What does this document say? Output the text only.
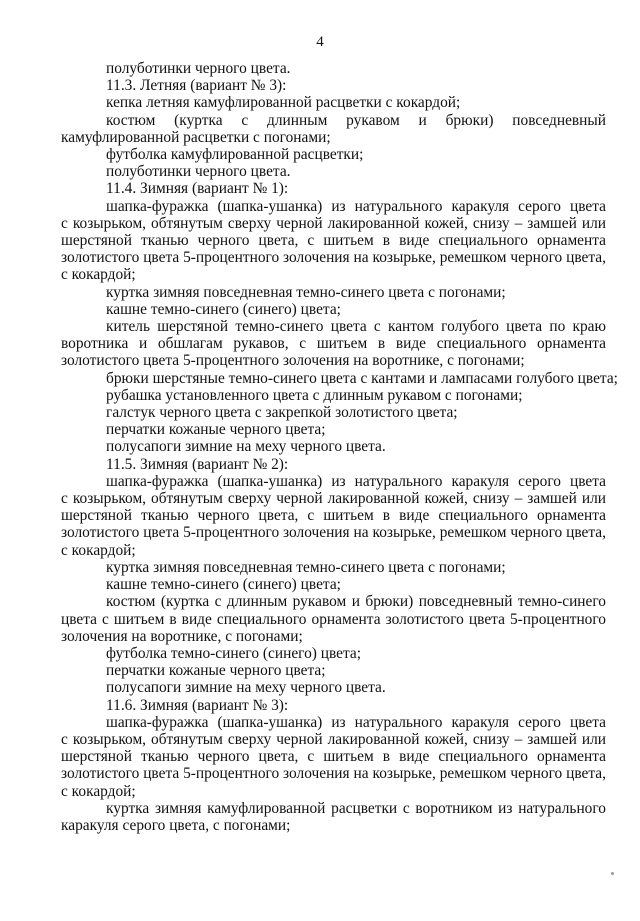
4
полуботинки черного цвета.
11.3. Летняя (вариант № 3):
кепка летняя камуфлированной расцветки с кокардой;
костюм (куртка с длинным рукавом и брюки) повседневный
камуфлированной расцветки с погонами;
футболка камуфлированной расцветки;
полуботинки черного цвета.
11.4. Зимняя (вариант № 1):
шапка-фуражка (шапка-ушанка) из натурального каракуля серого цвета
с козырьком, обтянутым сверху черной лакированной кожей, снизу – замшей или
шерстяной тканью черного цвета, с шитьем в виде специального орнамента
золотистого цвета 5-процентного золочения на козырьке, ремешком черного цвета,
с кокардой;
куртка зимняя повседневная темно-синего цвета с погонами;
кашне темно-синего (синего) цвета;
китель шерстяной темно-синего цвета с кантом голубого цвета по краю
воротника и обшлагам рукавов, с шитьем в виде специального орнамента
золотистого цвета 5-процентного золочения на воротнике, с погонами;
брюки шерстяные темно-синего цвета с кантами и лампасами голубого цвета;
рубашка установленного цвета с длинным рукавом с погонами;
галстук черного цвета с закрепкой золотистого цвета;
перчатки кожаные черного цвета;
полусапоги зимние на меху черного цвета.
11.5. Зимняя (вариант № 2):
шапка-фуражка (шапка-ушанка) из натурального каракуля серого цвета
с козырьком, обтянутым сверху черной лакированной кожей, снизу – замшей или
шерстяной тканью черного цвета, с шитьем в виде специального орнамента
золотистого цвета 5-процентного золочения на козырьке, ремешком черного цвета,
с кокардой;
куртка зимняя повседневная темно-синего цвета с погонами;
кашне темно-синего (синего) цвета;
костюм (куртка с длинным рукавом и брюки) повседневный темно-синего
цвета с шитьем в виде специального орнамента золотистого цвета 5-процентного
золочения на воротнике, с погонами;
футболка темно-синего (синего) цвета;
перчатки кожаные черного цвета;
полусапоги зимние на меху черного цвета.
11.6. Зимняя (вариант № 3):
шапка-фуражка (шапка-ушанка) из натурального каракуля серого цвета
с козырьком, обтянутым сверху черной лакированной кожей, снизу – замшей или
шерстяной тканью черного цвета, с шитьем в виде специального орнамента
золотистого цвета 5-процентного золочения на козырьке, ремешком черного цвета,
с кокардой;
куртка зимняя камуфлированной расцветки с воротником из натурального
каракуля серого цвета, с погонами;
